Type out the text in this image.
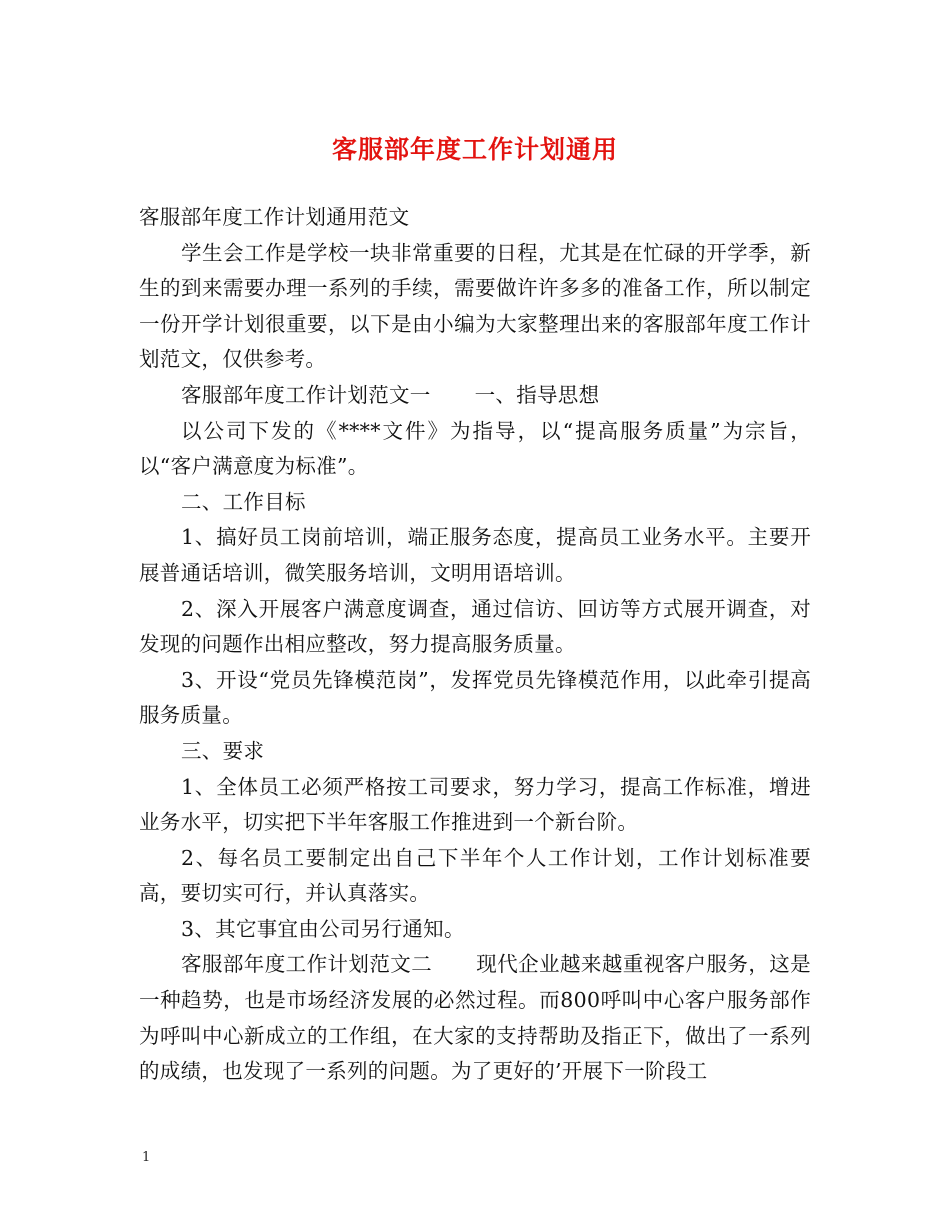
客服部年度工作计划通用

客服部年度工作计划通用范文

学生会工作是学校一块非常重要的日程，尤其是在忙碌的开学季，新生的到来需要办理一系列的手续，需要做许许多多的准备工作，所以制定一份开学计划很重要，以下是由小编为大家整理出来的客服部年度工作计划范文，仅供参考。

客服部年度工作计划范文一 一、指导思想

以公司下发的《****文件》为指导，以“提高服务质量”为宗旨，以“客户满意度为标准”。

二、工作目标

1、搞好员工岗前培训，端正服务态度，提高员工业务水平。主要开展普通话培训，微笑服务培训，文明用语培训。

2、深入开展客户满意度调查，通过信访、回访等方式展开调查，对发现的问题作出相应整改，努力提高服务质量。

3、开设“党员先锋模范岗”，发挥党员先锋模范作用，以此牵引提高服务质量。

三、要求

1、全体员工必须严格按工司要求，努力学习，提高工作标准，增进业务水平，切实把下半年客服工作推进到一个新台阶。

2、每名员工要制定出自己下半年个人工作计划，工作计划标准要高，要切实可行，并认真落实。

3、其它事宜由公司另行通知。

客服部年度工作计划范文二 现代企业越来越重视客户服务，这是一种趋势，也是市场经济发展的必然过程。而800呼叫中心客户服务部作为呼叫中心新成立的工作组，在大家的支持帮助及指正下，做出了一系列的成绩，也发现了一系列的问题。为了更好的’开展下一阶段工

1
